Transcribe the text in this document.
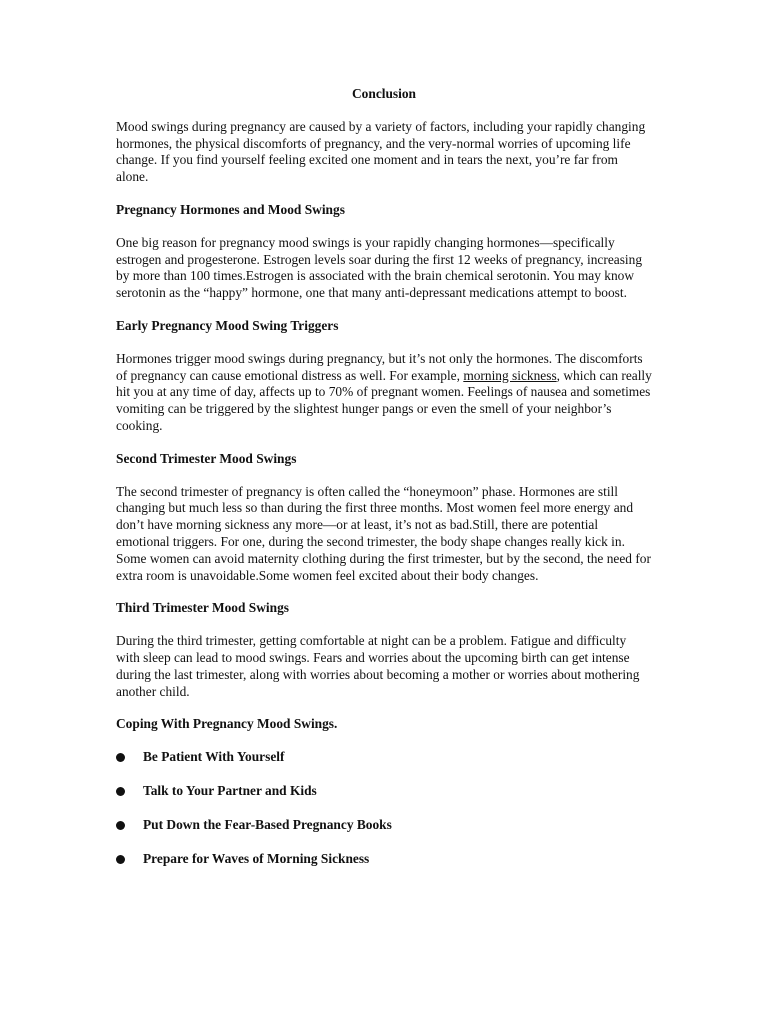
Conclusion

Mood swings during pregnancy are caused by a variety of factors, including your rapidly changing hormones, the physical discomforts of pregnancy, and the very-normal worries of upcoming life change. If you find yourself feeling excited one moment and in tears the next, you’re far from alone.

Pregnancy Hormones and Mood Swings

One big reason for pregnancy mood swings is your rapidly changing hormones—specifically estrogen and progesterone. Estrogen levels soar during the first 12 weeks of pregnancy, increasing by more than 100 times.Estrogen is associated with the brain chemical serotonin. You may know serotonin as the “happy” hormone, one that many anti-depressant medications attempt to boost.

Early Pregnancy Mood Swing Triggers

Hormones trigger mood swings during pregnancy, but it’s not only the hormones. The discomforts of pregnancy can cause emotional distress as well. For example, morning sickness, which can really hit you at any time of day, affects up to 70% of pregnant women. Feelings of nausea and sometimes vomiting can be triggered by the slightest hunger pangs or even the smell of your neighbor’s cooking.

Second Trimester Mood Swings

The second trimester of pregnancy is often called the “honeymoon” phase. Hormones are still changing but much less so than during the first three months. Most women feel more energy and don’t have morning sickness any more—or at least, it’s not as bad.Still, there are potential emotional triggers. For one, during the second trimester, the body shape changes really kick in. Some women can avoid maternity clothing during the first trimester, but by the second, the need for extra room is unavoidable.Some women feel excited about their body changes.

Third Trimester Mood Swings

During the third trimester, getting comfortable at night can be a problem. Fatigue and difficulty with sleep can lead to mood swings. Fears and worries about the upcoming birth can get intense during the last trimester, along with worries about becoming a mother or worries about mothering another child.

Coping With Pregnancy Mood Swings.
Be Patient With Yourself
Talk to Your Partner and Kids
Put Down the Fear-Based Pregnancy Books
Prepare for Waves of Morning Sickness
